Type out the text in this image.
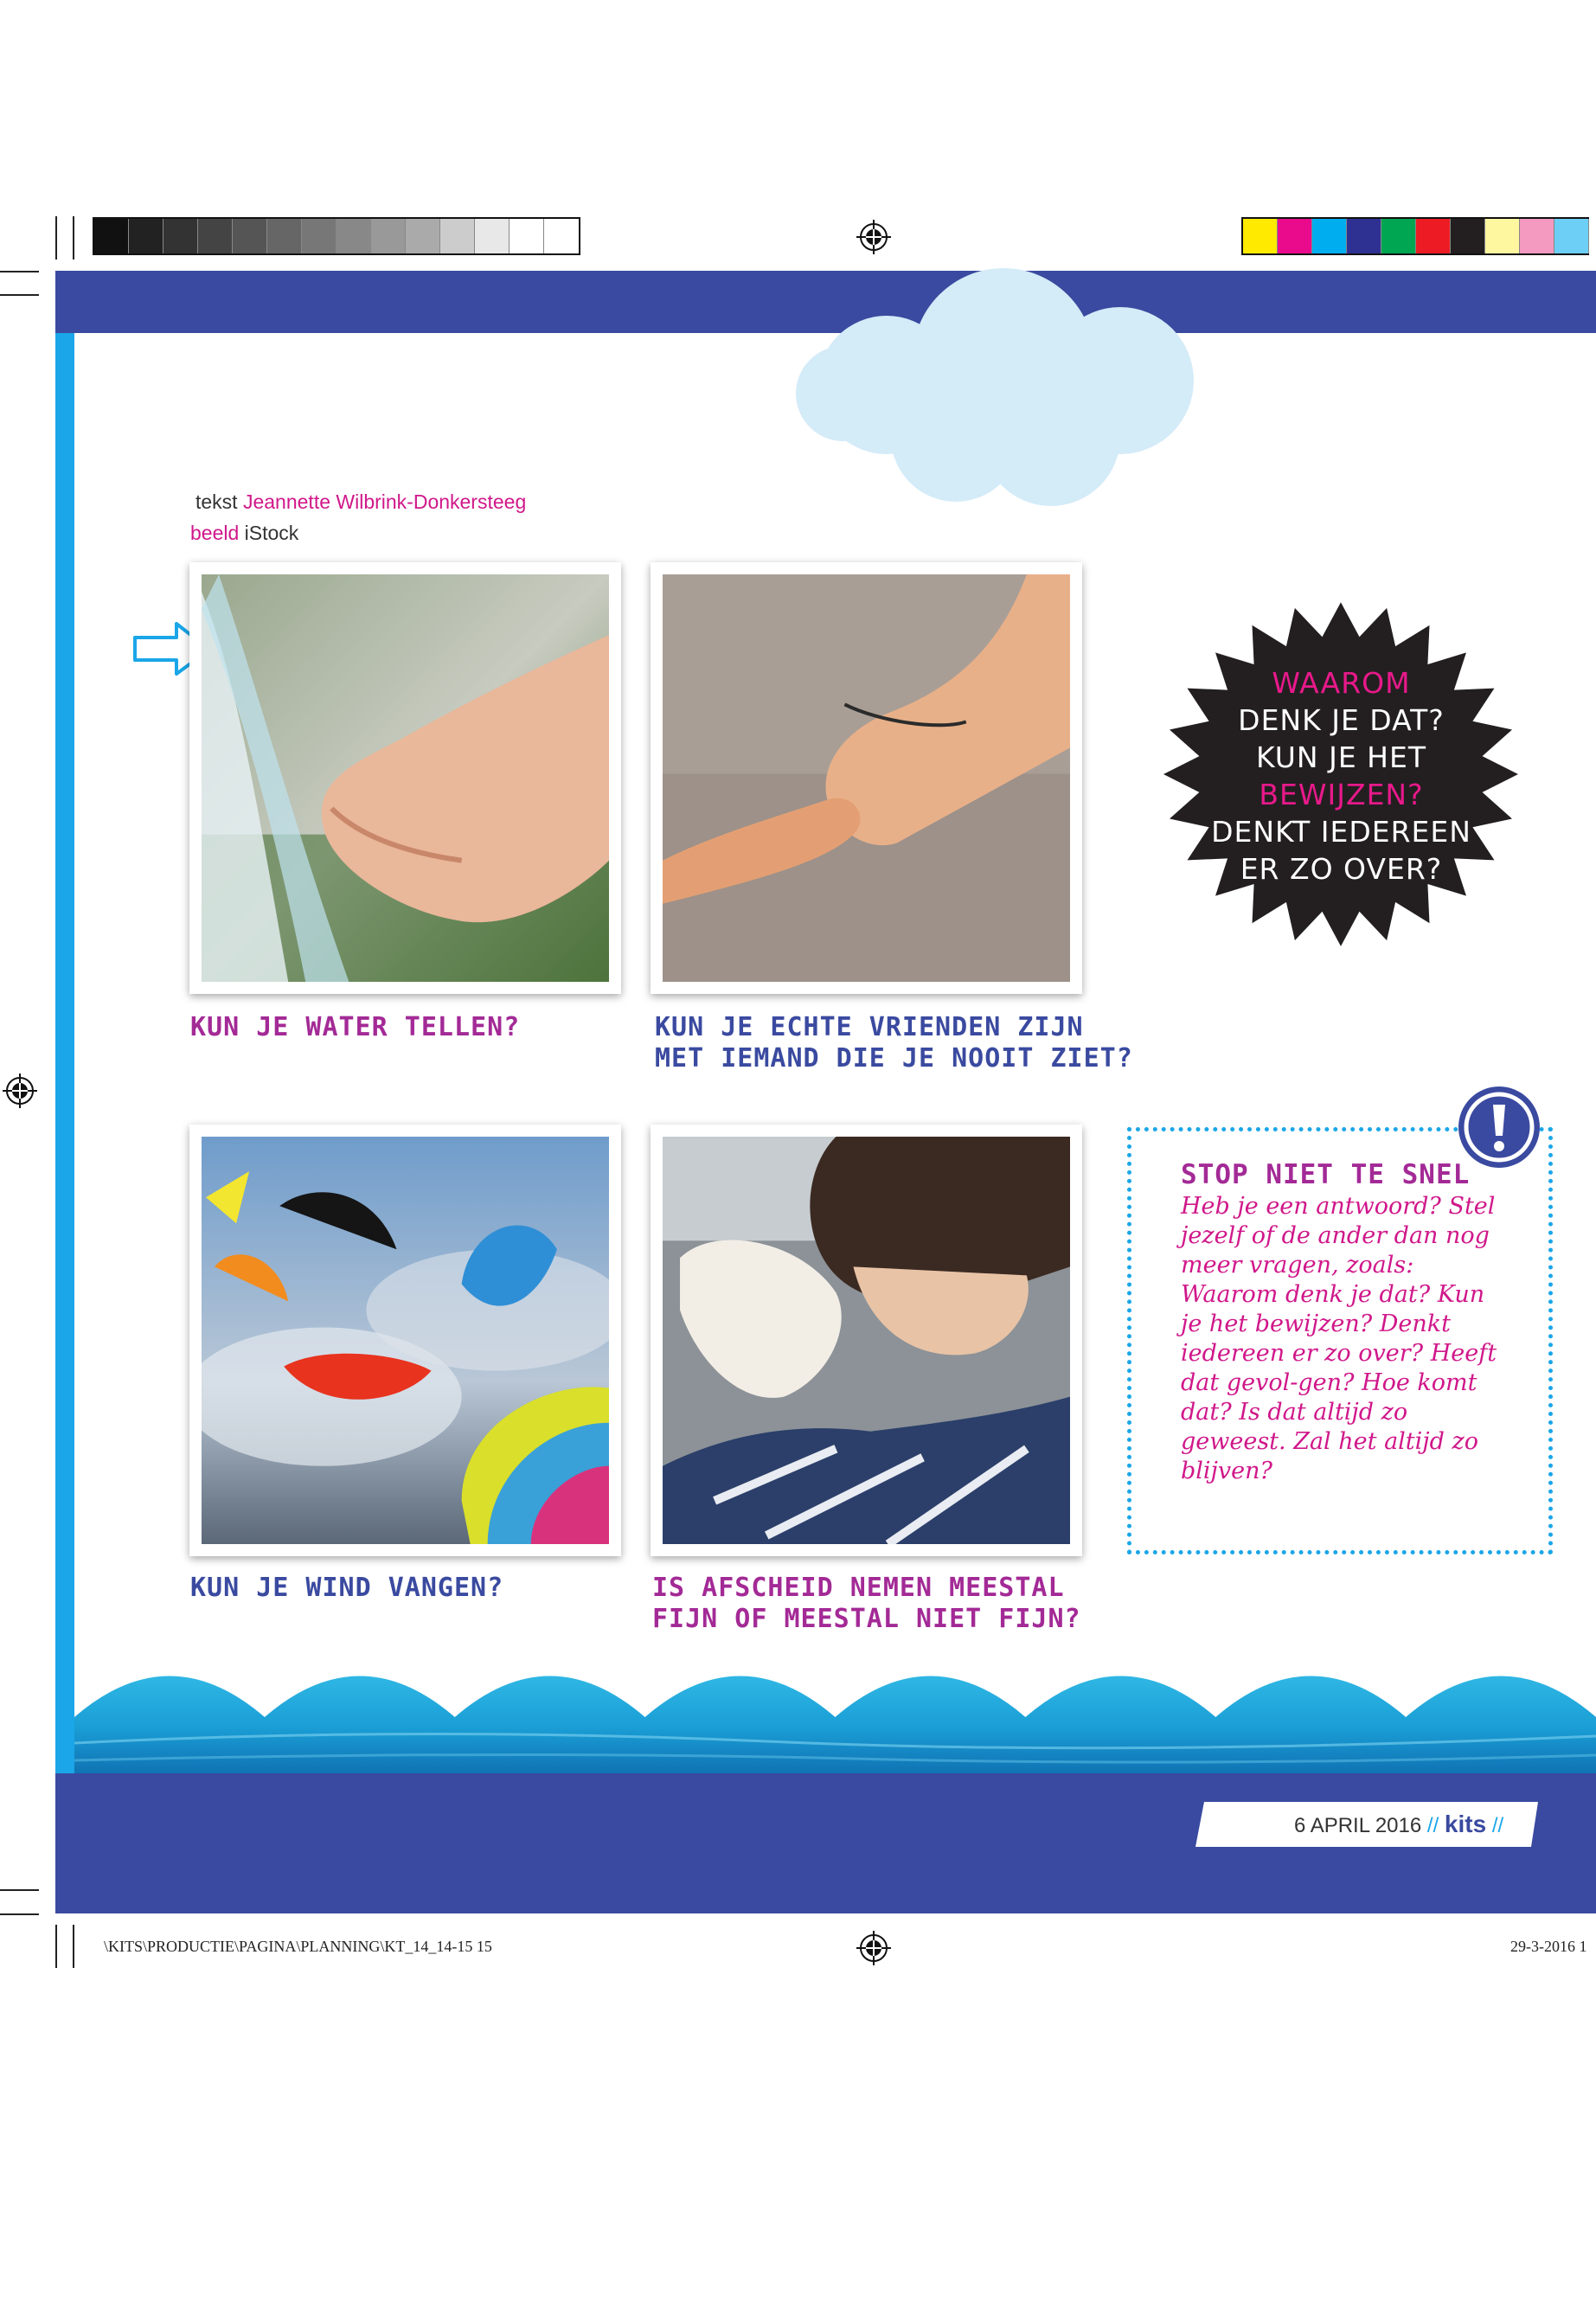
tekst Jeannette Wilbrink-Donkersteeg
beeld iStock
KUN JE WATER TELLEN?	KUN JE ECHTE VRIENDEN ZIJN
MET IEMAND DIE JE NOOIT ZIET?
KUN JE WIND VANGEN?	IS AFSCHEID NEMEN MEESTAL
FIJN OF MEESTAL NIET FIJN?
WAAROM
DENK JE DAT?
KUN JE HET
BEWIJZEN?
DENKT IEDEREEN
ER ZO OVER?
STOP NIET TE SNEL
Heb je een antwoord? Stel jezelf of de ander dan nog meer vragen, zoals: Waarom denk je dat? Kun je het bewijzen? Denkt iedereen er zo over? Heeft dat gevol-gen? Hoe komt dat? Is dat altijd zo geweest. Zal het altijd zo blijven?
6 APRIL 2016 // kits //
\KITS\PRODUCTIE\PAGINA\PLANNING\KT_14_14-15 15	29-3-2016 1
